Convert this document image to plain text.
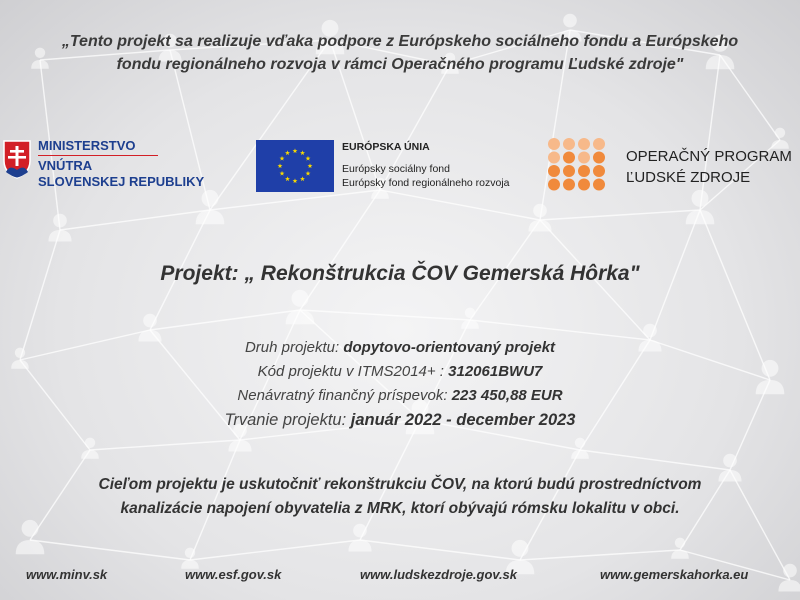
„Tento projekt sa realizuje vďaka podpore z Európskeho sociálneho fondu a Európskeho
fondu regionálneho rozvoja v rámci Operačného programu Ľudské zdroje"
MINISTERSTVO
VNÚTRA
SLOVENSKEJ REPUBLIKY
EURÓPSKA ÚNIA
Európsky sociálny fond
Európsky fond regionálneho rozvoja
OPERAČNÝ PROGRAM
ĽUDSKÉ ZDROJE
Projekt: „ Rekonštrukcia ČOV Gemerská Hôrka"
Druh projektu: dopytovo-orientovaný projekt
Kód projektu v ITMS2014+ : 312061BWU7
Nenávratný finančný príspevok: 223 450,88 EUR
Trvanie projektu: január 2022 - december 2023
Cieľom projektu je uskutočniť rekonštrukciu ČOV, na ktorú budú prostredníctvom
kanalizácie napojení obyvatelia z MRK, ktorí obývajú rómsku lokalitu v obci.
www.minv.sk	www.esf.gov.sk	www.ludskezdroje.gov.sk	www.gemerskahorka.eu
